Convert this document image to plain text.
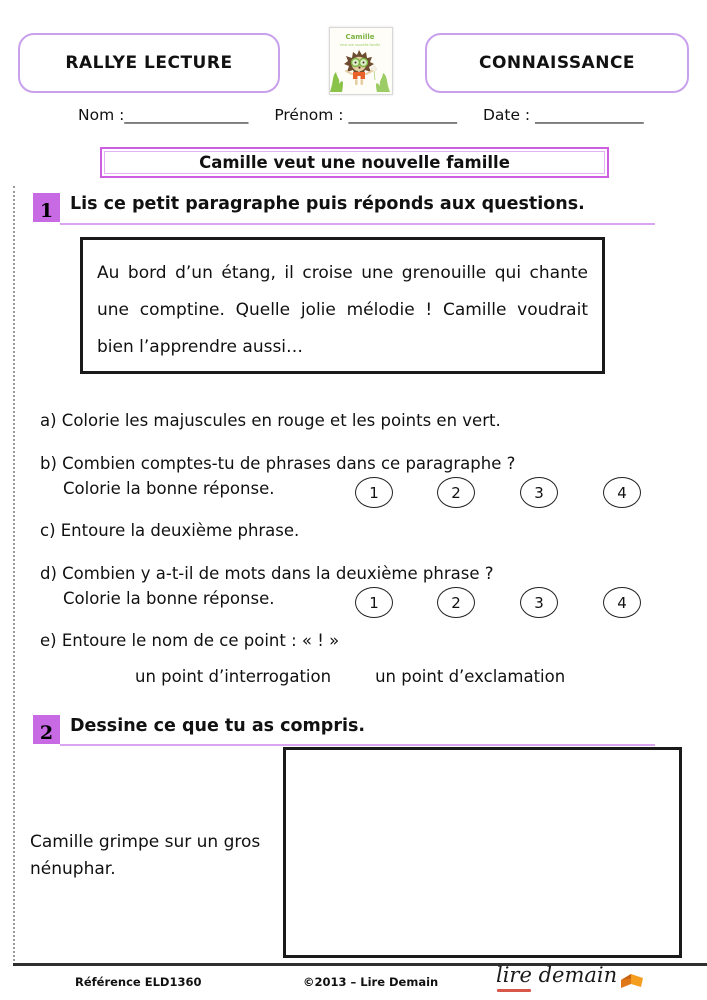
RALLYE LECTURE
Camille
veut une nouvelle famille
CONNAISSANCE
Nom :________________ Prénom : ______________ Date : ______________
Camille veut une nouvelle famille
1 Lis ce petit paragraphe puis réponds aux questions.
Au bord d’un étang, il croise une grenouille qui chante une comptine. Quelle jolie mélodie ! Camille voudrait bien l’apprendre aussi…
a) Colorie les majuscules en rouge et les points en vert.
b) Combien comptes-tu de phrases dans ce paragraphe ?
Colorie la bonne réponse.	1	2	3	4
c) Entoure la deuxième phrase.
d) Combien y a-t-il de mots dans la deuxième phrase ?
Colorie la bonne réponse.	1	2	3	4
e) Entoure le nom de ce point : « ! »
un point d’interrogation	un point d’exclamation
2 Dessine ce que tu as compris.
Camille grimpe sur un gros nénuphar.
Référence ELD1360	©2013 – Lire Demain	lire demain
